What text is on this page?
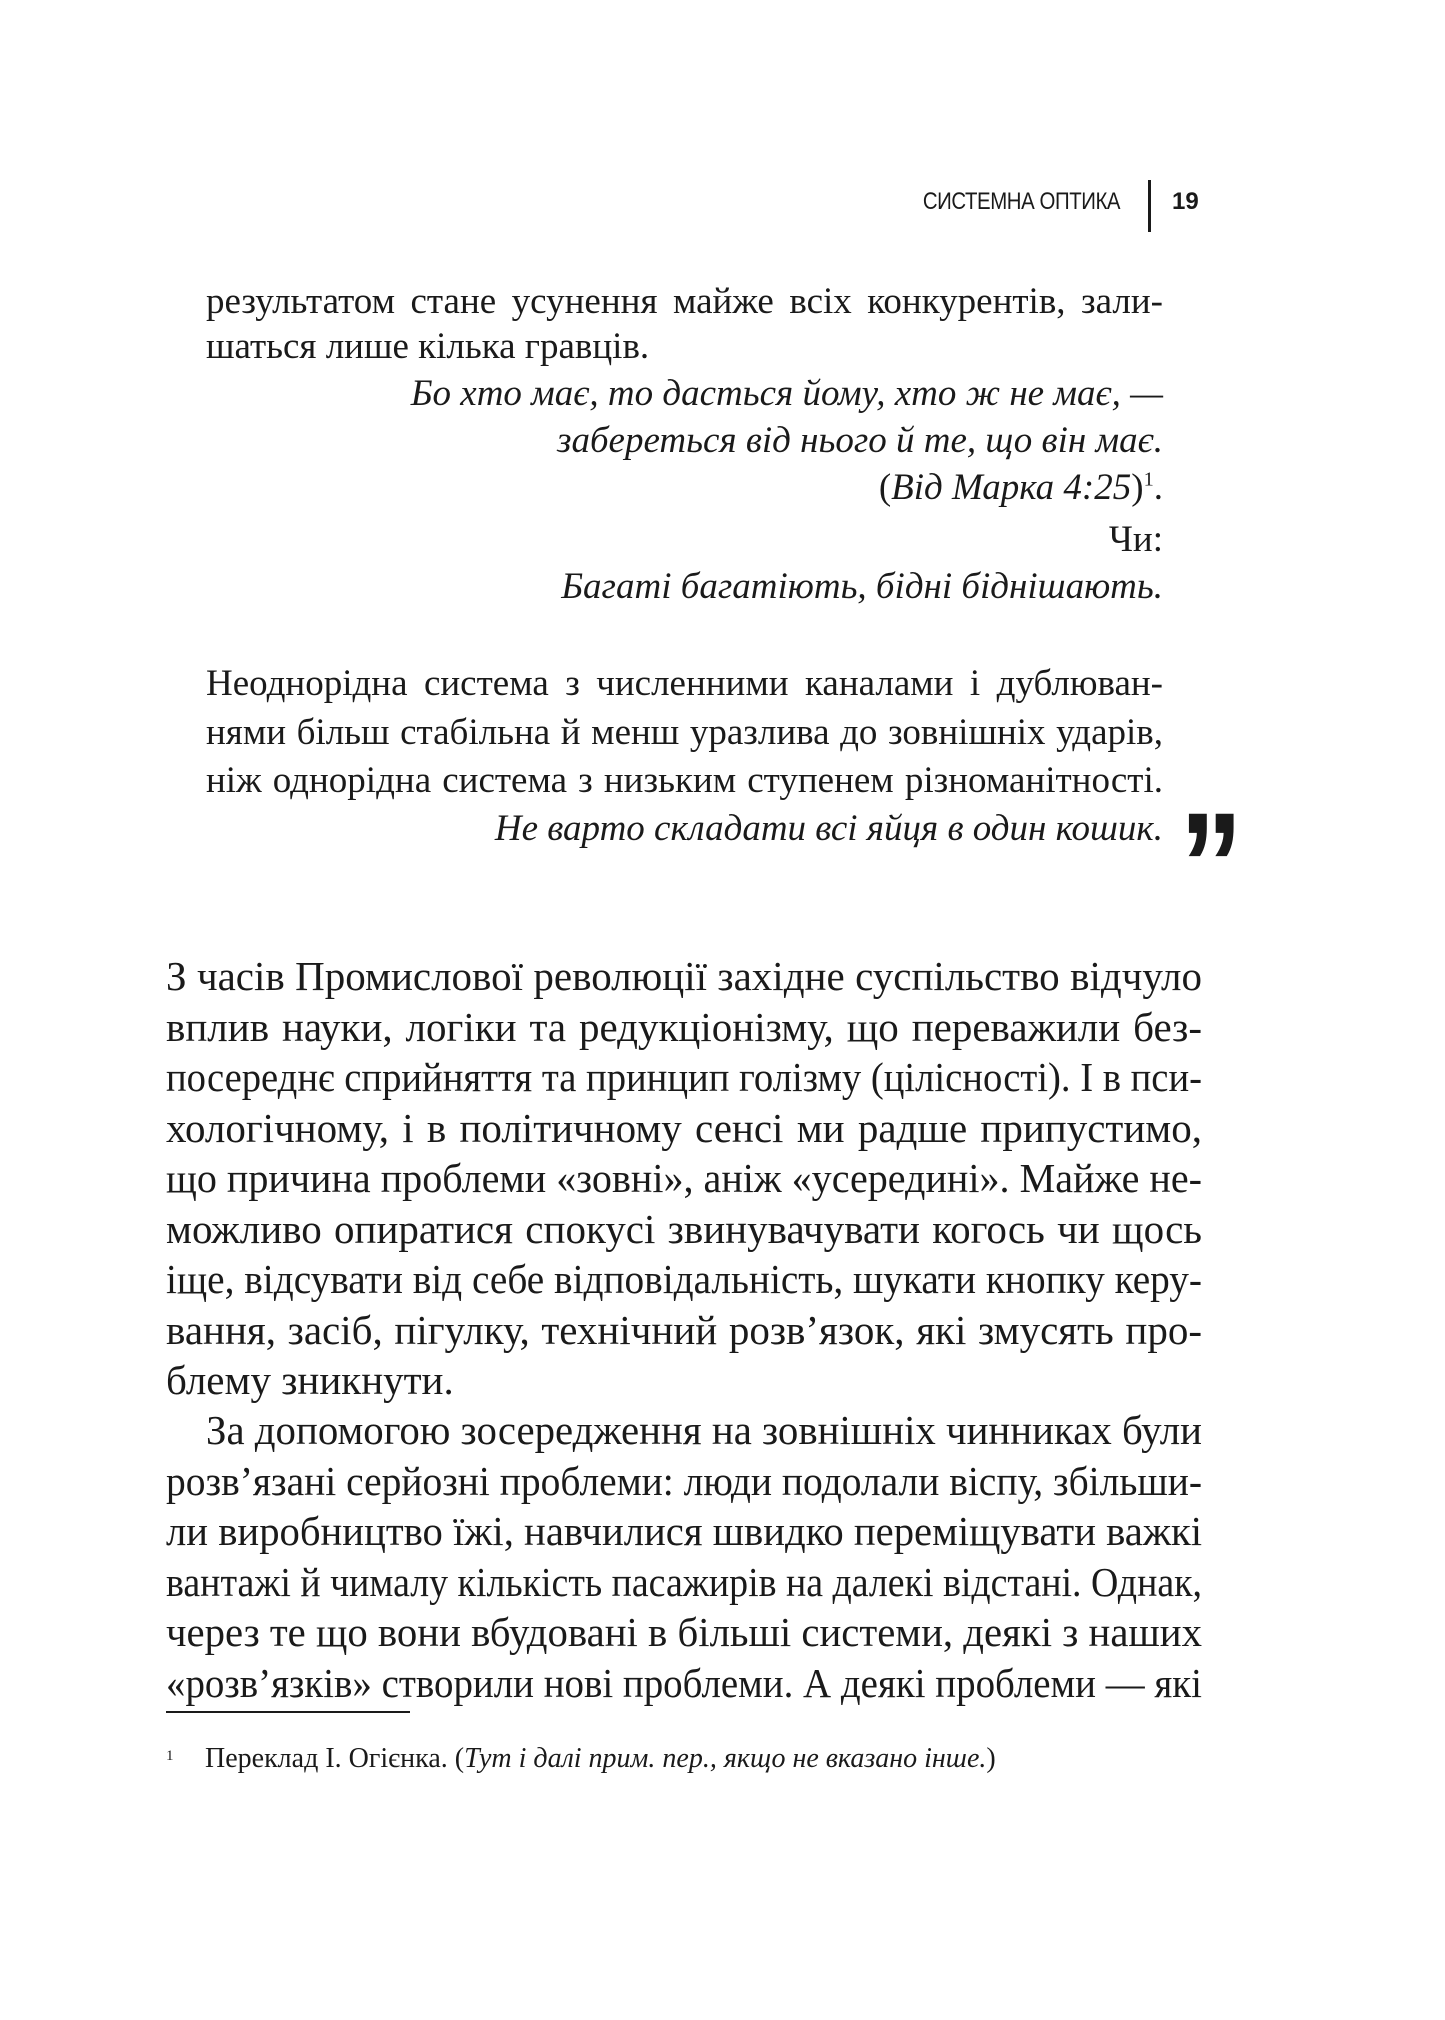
СИСТЕМНА ОПТИКА 19
результатом стане усунення майже всіх конкурентів, зали-
шаться лише кілька гравців.
Бо хто має, то дасться йому, хто ж не має, —
забереться від нього й те, що він має.
(Від Марка 4:25)$^1$.
Чи:
Багаті багатіють, бідні біднішають.
Неоднорідна система з численними каналами і дублюван-
нями більш стабільна й менш уразлива до зовнішніх ударів,
ніж однорідна система з низьким ступенем різноманітності.
Не варто складати всі яйця в один кошик. ”
З часів Промислової революції західне суспільство відчуло
вплив науки, логіки та редукціонізму, що переважили без-
посереднє сприйняття та принцип голізму (цілісності). І в пси-
хологічному, і в політичному сенсі ми радше припустимо,
що причина проблеми «зовні», аніж «усередині». Майже не-
можливо опиратися спокусі звинувачувати когось чи щось
іще, відсувати від себе відповідальність, шукати кнопку керу-
вання, засіб, пігулку, технічний розв’язок, які змусять про-
блему зникнути.
За допомогою зосередження на зовнішніх чинниках були
розв’язані серйозні проблеми: люди подолали віспу, збільши-
ли виробництво їжі, навчилися швидко переміщувати важкі
вантажі й чималу кількість пасажирів на далекі відстані. Однак,
через те що вони вбудовані в більші системи, деякі з наших
«розв’язків» створили нові проблеми. А деякі проблеми — які
1 Переклад І. Огієнка. (Тут і далі прим. пер., якщо не вказано інше.)
